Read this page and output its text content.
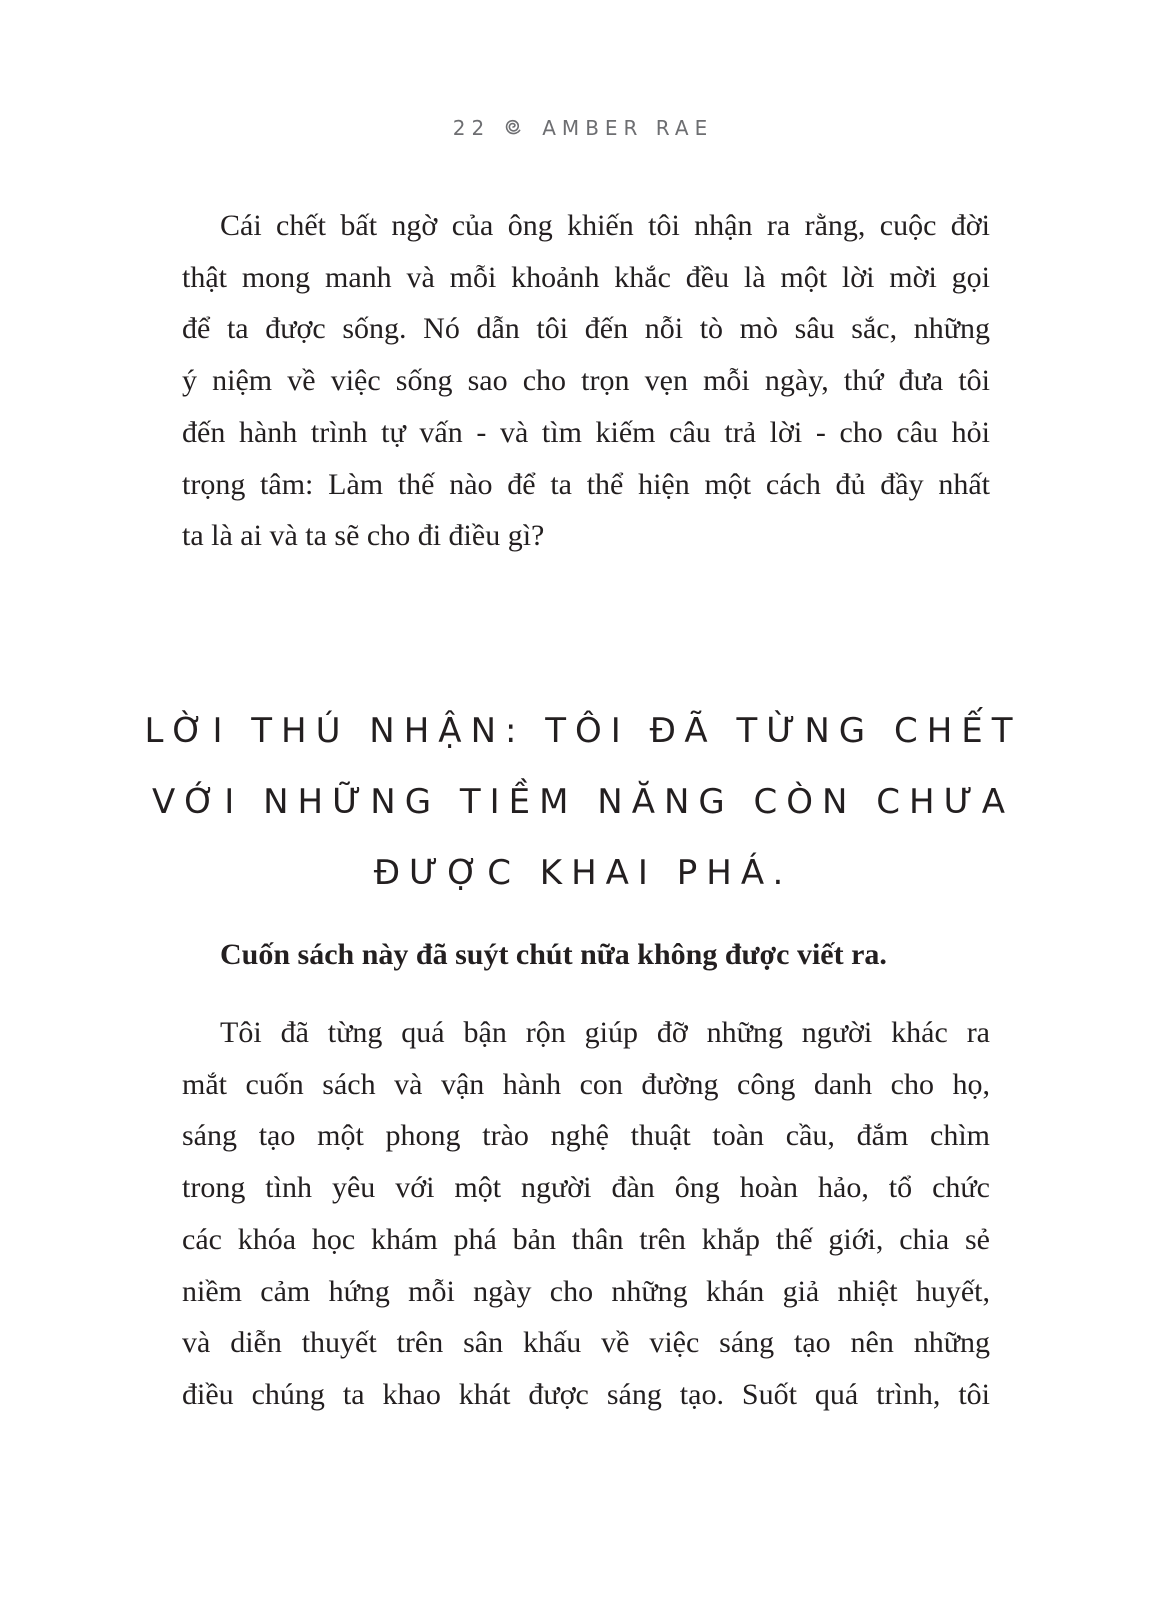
22	AMBER RAE
Cái chết bất ngờ của ông khiến tôi nhận ra rằng, cuộc đời
thật mong manh và mỗi khoảnh khắc đều là một lời mời gọi
để ta được sống. Nó dẫn tôi đến nỗi tò mò sâu sắc, những
ý niệm về việc sống sao cho trọn vẹn mỗi ngày, thứ đưa tôi
đến hành trình tự vấn - và tìm kiếm câu trả lời - cho câu hỏi
trọng tâm: Làm thế nào để ta thể hiện một cách đủ đầy nhất
ta là ai và ta sẽ cho đi điều gì?
LỜI THÚ NHẬN: TÔI ĐÃ TỪNG CHẾT
VỚI NHỮNG TIỀM NĂNG CÒN CHƯA
ĐƯỢC KHAI PHÁ.

Cuốn sách này đã suýt chút nữa không được viết ra.

Tôi đã từng quá bận rộn giúp đỡ những người khác ra
mắt cuốn sách và vận hành con đường công danh cho họ,
sáng tạo một phong trào nghệ thuật toàn cầu, đắm chìm
trong tình yêu với một người đàn ông hoàn hảo, tổ chức
các khóa học khám phá bản thân trên khắp thế giới, chia sẻ
niềm cảm hứng mỗi ngày cho những khán giả nhiệt huyết,
và diễn thuyết trên sân khấu về việc sáng tạo nên những
điều chúng ta khao khát được sáng tạo. Suốt quá trình, tôi
